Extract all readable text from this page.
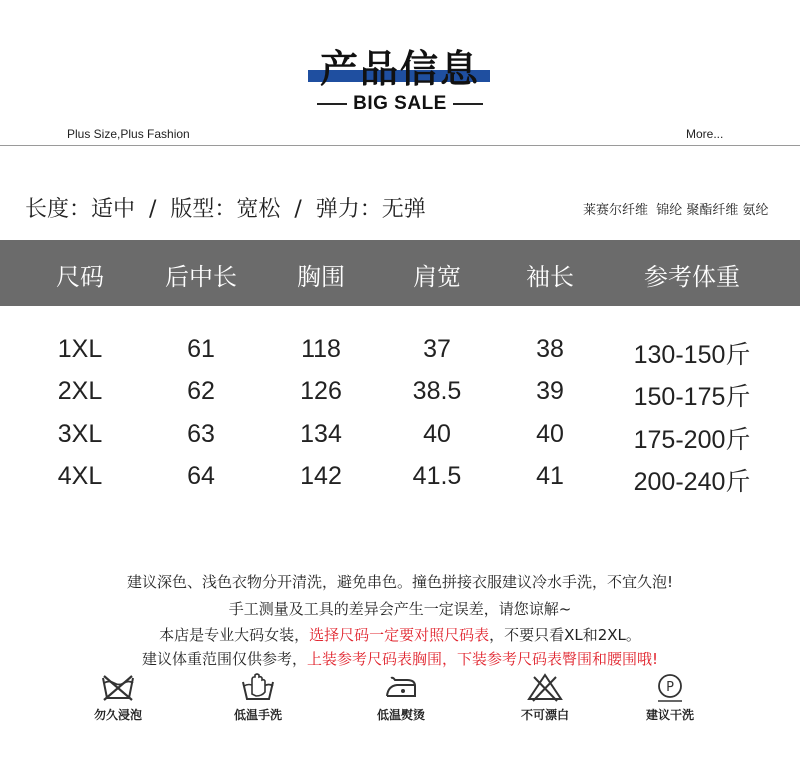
产品信息
BIG SALE
Plus Size,Plus Fashion	More...
长度：适中  /  版型：宽松  /  弹力：无弹	莱赛尔纤维  锦纶 聚酯纤维 氨纶
尺码	后中长	胸围	肩宽	袖长	参考体重
1XL	61	118	37	38	130-150斤
2XL	62	126	38.5	39	150-175斤
3XL	63	134	40	40	175-200斤
4XL	64	142	41.5	41	200-240斤
建议深色、浅色衣物分开清洗，避免串色。撞色拼接衣服建议冷水手洗，不宜久泡!
手工测量及工具的差异会产生一定误差，请您谅解~
本店是专业大码女装，选择尺码一定要对照尺码表，不要只看XL和2XL。
建议体重范围仅供参考，上装参考尺码表胸围，下装参考尺码表臀围和腰围哦!
勿久浸泡	低温手洗	低温熨烫	不可漂白
P
建议干洗
